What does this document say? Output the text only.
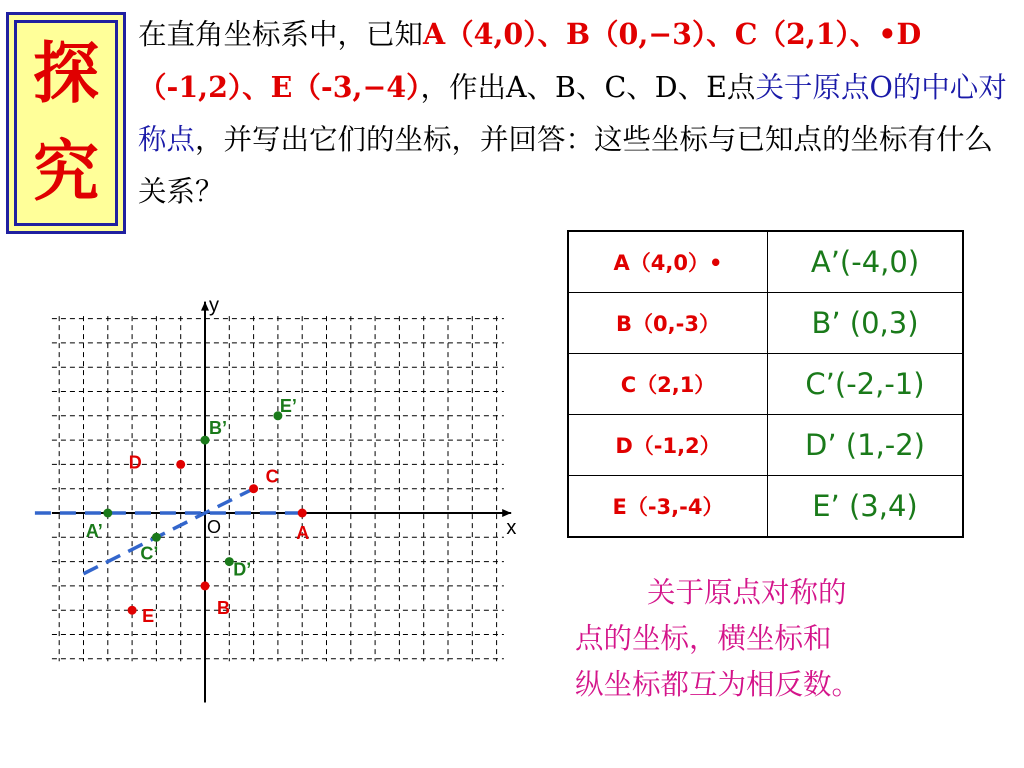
探
究
在直角坐标系中，已知A（4,0）、B（0,−3）、C（2,1）、•D（-1,2）、E（-3,−4），作出A、B、C、D、E点关于原点O的中心对称点，并写出它们的坐标，并回答：这些坐标与已知点的坐标有什么关系？
A
B
C
D
E
A’
B’
C’
D’
E’
x
y
O
A（4,0）•	A’(-4,0)
B（0,-3）	B’ (0,3)
C（2,1）	C’(-2,-1)
D（-1,2）	D’ (1,-2)
E（-3,-4）	E’ (3,4)
关于原点对称的
点的坐标，横坐标和
纵坐标都互为相反数。
